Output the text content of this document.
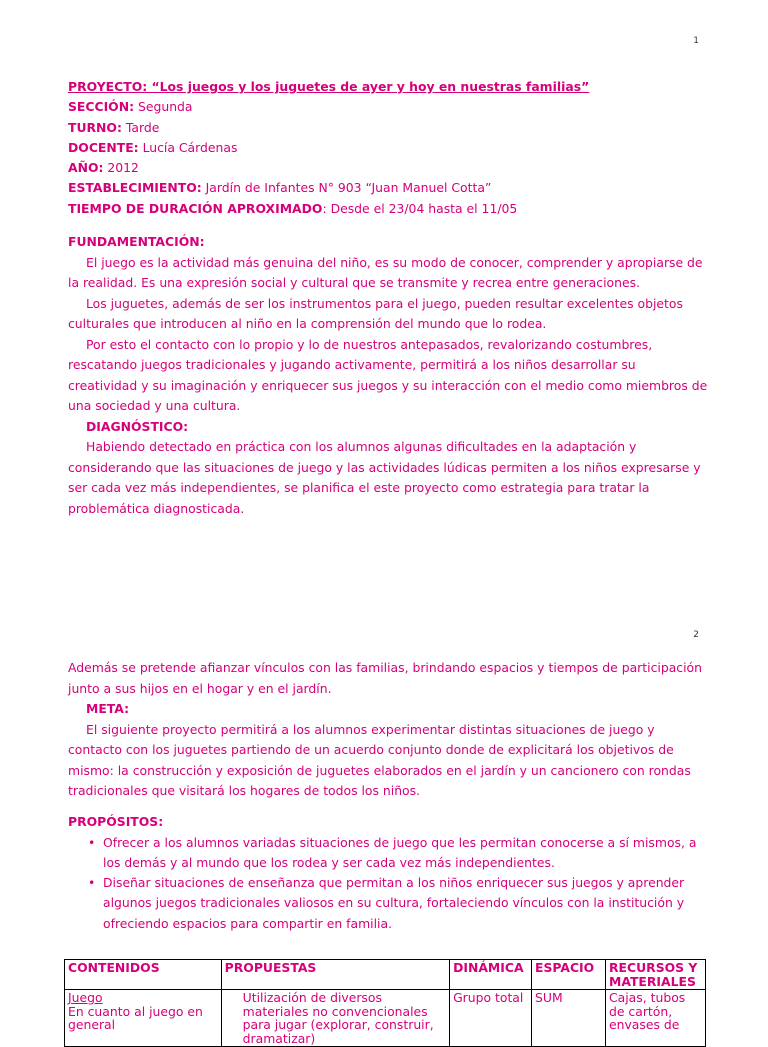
1

PROYECTO: “Los juegos y los juguetes de ayer y hoy en nuestras familias”

SECCIÓN: Segunda

TURNO: Tarde

DOCENTE: Lucía Cárdenas

AÑO: 2012

ESTABLECIMIENTO: Jardín de Infantes N° 903 “Juan Manuel Cotta”

TIEMPO DE DURACIÓN APROXIMADO: Desde el 23/04 hasta el 11/05

FUNDAMENTACIÓN:

El juego es la actividad más genuina del niño, es su modo de conocer, comprender y apropiarse de la realidad. Es una expresión social y cultural que se transmite y recrea entre generaciones.

Los juguetes, además de ser los instrumentos para el juego, pueden resultar excelentes objetos culturales que introducen al niño en la comprensión del mundo que lo rodea.

Por esto el contacto con lo propio y lo de nuestros antepasados, revalorizando costumbres, rescatando juegos tradicionales y jugando activamente, permitirá a los niños desarrollar su creatividad y su imaginación y enriquecer sus juegos y su interacción con el medio como miembros de una sociedad y una cultura.

DIAGNÓSTICO:

Habiendo detectado en práctica con los alumnos algunas dificultades en la adaptación y considerando que las situaciones de juego y las actividades lúdicas permiten a los niños expresarse y ser cada vez más independientes, se planifica el este proyecto como estrategia para tratar la problemática diagnosticada.

2

Además se pretende afianzar vínculos con las familias, brindando espacios y tiempos de participación junto a sus hijos en el hogar y en el jardín.

META:

El siguiente proyecto permitirá a los alumnos experimentar distintas situaciones de juego y contacto con los juguetes partiendo de un acuerdo conjunto donde de explicitará los objetivos de mismo: la construcción y exposición de juguetes elaborados en el jardín y un cancionero con rondas tradicionales que visitará los hogares de todos los niños.

PROPÓSITOS:

• Ofrecer a los alumnos variadas situaciones de juego que les permitan conocerse a sí mismos, a los demás y al mundo que los rodea y ser cada vez más independientes.
• Diseñar situaciones de enseñanza que permitan a los niños enriquecer sus juegos y aprender algunos juegos tradicionales valiosos en su cultura, fortaleciendo vínculos con la institución y ofreciendo espacios para compartir en familia.
CONTENIDOS	PROPUESTAS	DINÁMICA	ESPACIO	RECURSOS Y MATERIALES

Juego
En cuanto al juego en general	Utilización de diversos materiales no convencionales para jugar (explorar, construir, dramatizar)	Grupo total	SUM	Cajas, tubos de cartón, envases de
